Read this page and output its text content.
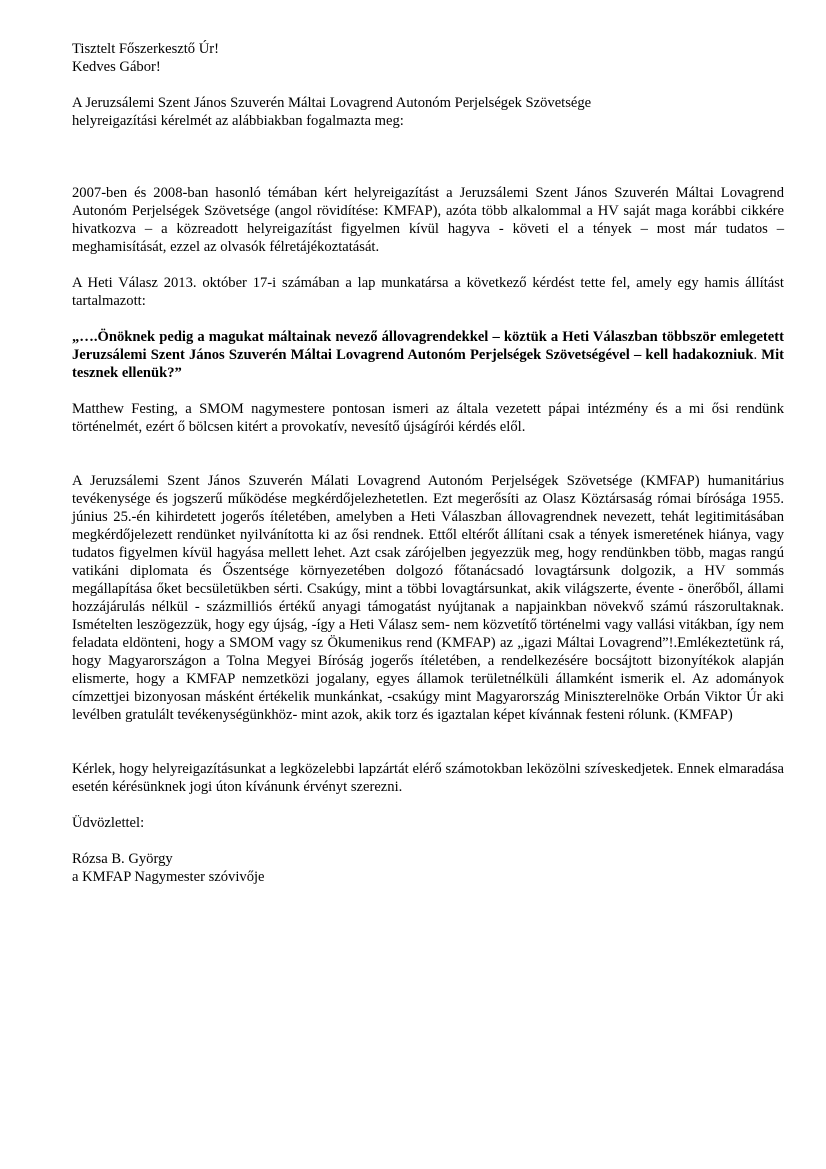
Tisztelt Főszerkesztő Úr!

Kedves Gábor!

A Jeruzsálemi Szent János Szuverén Máltai Lovagrend Autonóm Perjelségek Szövetsége helyreigazítási kérelmét az alábbiakban fogalmazta meg:

2007-ben és 2008-ban hasonló témában kért helyreigazítást a Jeruzsálemi Szent János Szuverén Máltai Lovagrend Autonóm Perjelségek Szövetsége (angol rövidítése: KMFAP), azóta több alkalommal a HV saját maga korábbi cikkére hivatkozva – a közreadott helyreigazítást figyelmen kívül hagyva - követi el a tények – most már tudatos – meghamisítását, ezzel az olvasók félretájékoztatását.

A Heti Válasz 2013. október 17-i számában a lap munkatársa a következő kérdést tette fel, amely egy hamis állítást tartalmazott:

„….Önöknek pedig a magukat máltainak nevező állovagrendekkel – köztük a Heti Válaszban többször emlegetett Jeruzsálemi Szent János Szuverén Máltai Lovagrend Autonóm Perjelségek Szövetségével – kell hadakozniuk. Mit tesznek ellenük?”

Matthew Festing, a SMOM nagymestere pontosan ismeri az általa vezetett pápai intézmény és a mi ősi rendünk történelmét, ezért ő bölcsen kitért a provokatív, nevesítő újságírói kérdés elől.

A Jeruzsálemi Szent János Szuverén Málati Lovagrend Autonóm Perjelségek Szövetsége (KMFAP) humanitárius tevékenysége és jogszerű működése megkérdőjelezhetetlen. Ezt megerősíti az Olasz Köztársaság római bírósága 1955. június 25.-én kihirdetett jogerős ítéletében, amelyben a Heti Válaszban állovagrendnek nevezett, tehát legitimitásában megkérdőjelezett rendünket nyilvánította ki az ősi rendnek. Ettől eltérőt állítani csak a tények ismeretének hiánya, vagy tudatos figyelmen kívül hagyása mellett lehet. Azt csak zárójelben jegyezzük meg, hogy rendünkben több, magas rangú vatikáni diplomata és Őszentsége környezetében dolgozó főtanácsadó lovagtársunk dolgozik, a HV sommás megállapítása őket becsületükben sérti. Csakúgy, mint a többi lovagtársunkat, akik világszerte, évente - önerőből, állami hozzájárulás nélkül - százmilliós értékű anyagi támogatást nyújtanak a napjainkban növekvő számú rászorultaknak. Ismételten leszögezzük, hogy egy újság, -így a Heti Válasz sem- nem közvetítő történelmi vagy vallási vitákban, így nem feladata eldönteni, hogy a SMOM vagy sz Ökumenikus rend (KMFAP) az „igazi Máltai Lovagrend”!.Emlékeztetünk rá, hogy Magyarországon a Tolna Megyei Bíróság jogerős ítéletében, a rendelkezésére bocsájtott bizonyítékok alapján elismerte, hogy a KMFAP nemzetközi jogalany, egyes államok területnélküli államként ismerik el. Az adományok címzettjei bizonyosan másként értékelik munkánkat, -csakúgy mint Magyarország Miniszterelnöke Orbán Viktor Úr aki levélben gratulált tevékenységünkhöz- mint azok, akik torz és igaztalan képet kívánnak festeni rólunk. (KMFAP)

Kérlek, hogy helyreigazításunkat a legközelebbi lapzártát elérő számotokban leközölni szíveskedjetek. Ennek elmaradása esetén kérésünknek jogi úton kívánunk érvényt szerezni.

Üdvözlettel:

Rózsa B. György

a KMFAP Nagymester szóvivője
